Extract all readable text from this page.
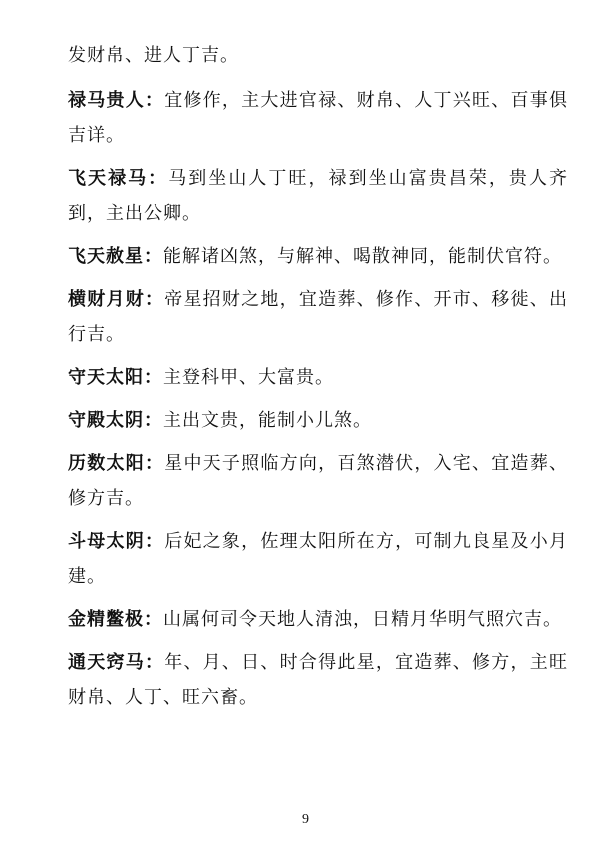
发财帛、进人丁吉。

禄马贵人：宜修作，主大进官禄、财帛、人丁兴旺、百事俱吉详。

飞天禄马：马到坐山人丁旺，禄到坐山富贵昌荣，贵人齐到，主出公卿。

飞天赦星：能解诸凶煞，与解神、喝散神同，能制伏官符。

横财月财：帝星招财之地，宜造葬、修作、开市、移徙、出行吉。

守天太阳：主登科甲、大富贵。

守殿太阴：主出文贵，能制小儿煞。

历数太阳：星中天子照临方向，百煞潜伏，入宅、宜造葬、修方吉。

斗母太阴：后妃之象，佐理太阳所在方，可制九良星及小月建。

金精鳖极：山属何司令天地人清浊，日精月华明气照穴吉。

通天窍马：年、月、日、时合得此星，宜造葬、修方，主旺财帛、人丁、旺六畜。

9
